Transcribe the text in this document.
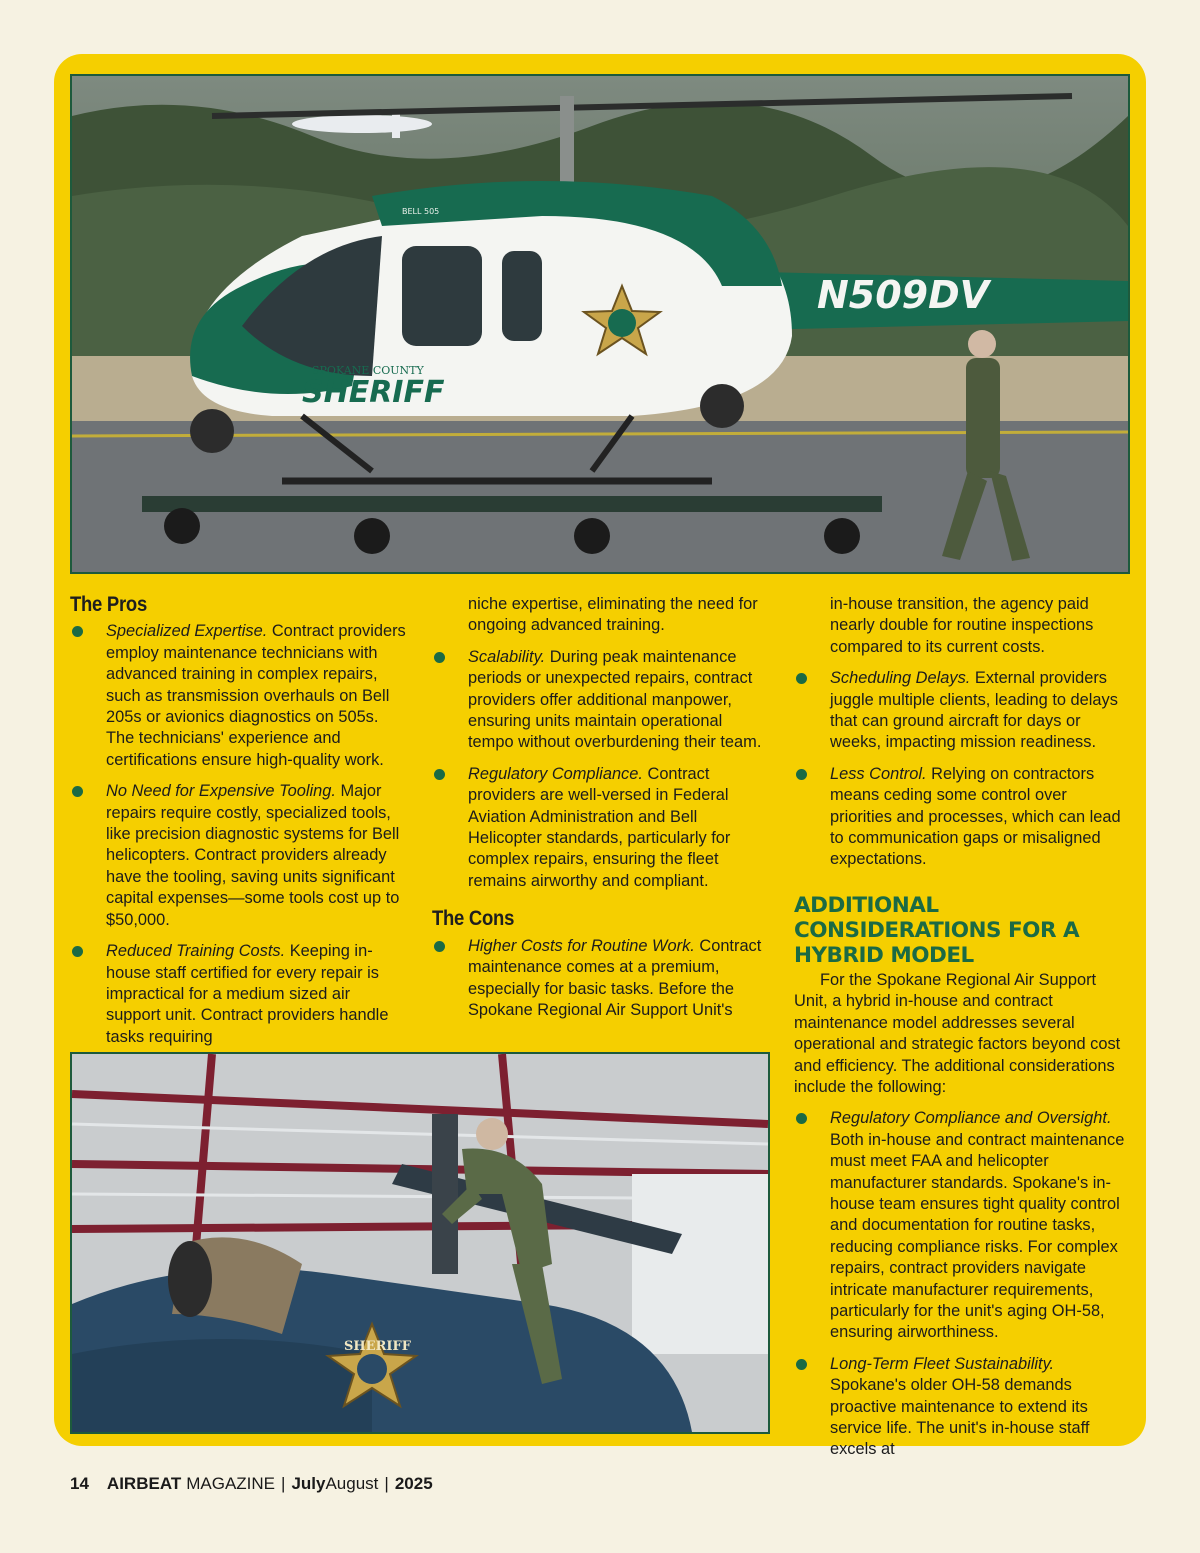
SHERIFF
SPOKANE COUNTY
BELL 505
N509DV
The Pros
Specialized Expertise. Contract providers employ maintenance technicians with advanced training in complex repairs, such as transmission overhauls on Bell 205s or avionics diagnostics on 505s. The technicians' experience and certifications ensure high-quality work.
No Need for Expensive Tooling. Major repairs require costly, specialized tools, like precision diagnostic systems for Bell helicopters. Contract providers already have the tooling, saving units significant capital expenses—some tools cost up to $50,000.
Reduced Training Costs. Keeping in-house staff certified for every repair is impractical for a medium sized air support unit. Contract providers handle tasks requiring

niche expertise, eliminating the need for ongoing advanced training.

Scalability. During peak maintenance periods or unexpected repairs, contract providers offer additional manpower, ensuring units maintain operational tempo without overburdening their team.
Regulatory Compliance. Contract providers are well-versed in Federal Aviation Administration and Bell Helicopter standards, particularly for complex repairs, ensuring the fleet remains airworthy and compliant.
The Cons
Higher Costs for Routine Work. Contract maintenance comes at a premium, especially for basic tasks. Before the Spokane Regional Air Support Unit's

in-house transition, the agency paid nearly double for routine inspections compared to its current costs.

Scheduling Delays. External providers juggle multiple clients, leading to delays that can ground aircraft for days or weeks, impacting mission readiness.
Less Control. Relying on contractors means ceding some control over priorities and processes, which can lead to communication gaps or misaligned expectations.
ADDITIONAL CONSIDERATIONS FOR A HYBRID MODEL

For the Spokane Regional Air Support Unit, a hybrid in-house and contract maintenance model addresses several operational and strategic factors beyond cost and efficiency. The additional considerations include the following:

Regulatory Compliance and Oversight. Both in-house and contract maintenance must meet FAA and helicopter manufacturer standards. Spokane's in-house team ensures tight quality control and documentation for routine tasks, reducing compliance risks. For complex repairs, contract providers navigate intricate manufacturer requirements, particularly for the unit's aging OH-58, ensuring airworthiness.
Long-Term Fleet Sustainability. Spokane's older OH-58 demands proactive maintenance to extend its service life. The unit's in-house staff excels at
SHERIFF
14 AIRBEAT MAGAZINE | July August | 2025
